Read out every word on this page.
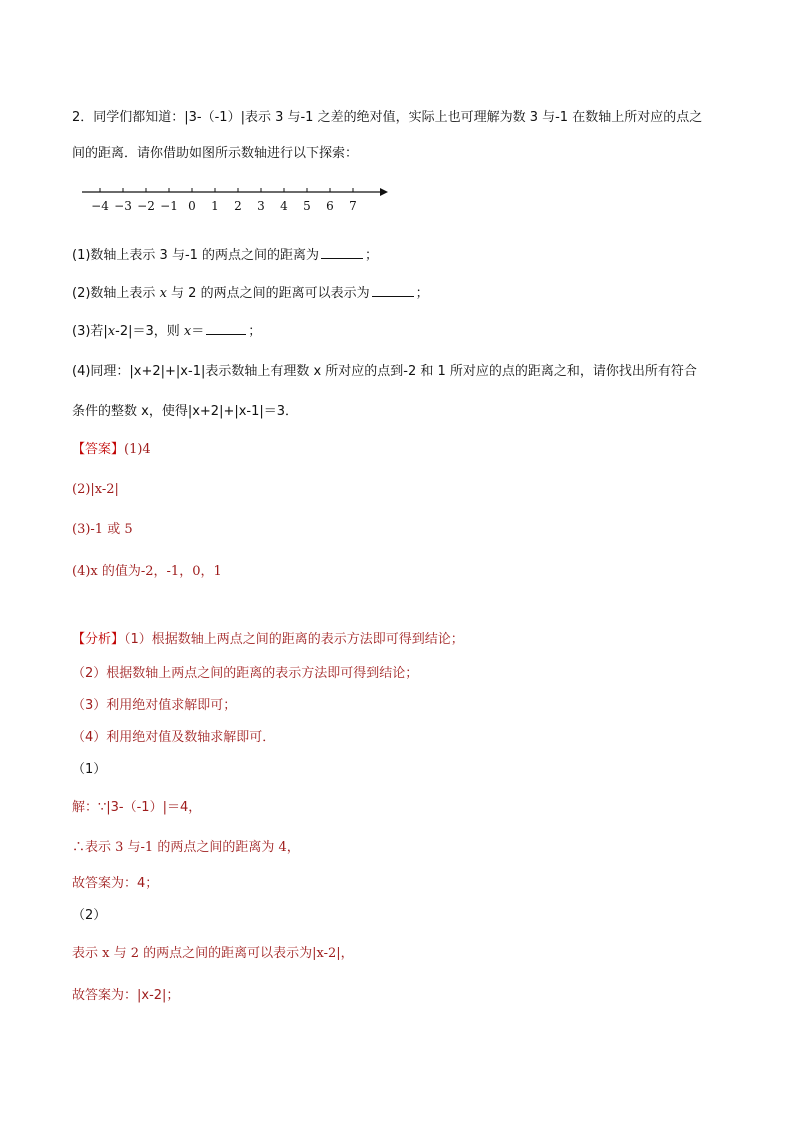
2．同学们都知道：|3-（-1）|表示 3 与-1 之差的绝对值，实际上也可理解为数 3 与-1 在数轴上所对应的点之
间的距离．请你借助如图所示数轴进行以下探索：
−4 −3 −2 −1 0 1 2 3 4 5 6 7
(1)数轴上表示 3 与-1 的两点之间的距离为	；
(2)数轴上表示 x 与 2 的两点之间的距离可以表示为	；
(3)若|x-2|＝3，则 x＝	；
(4)同理：|x+2|+|x-1|表示数轴上有理数 x 所对应的点到-2 和 1 所对应的点的距离之和，请你找出所有符合
条件的整数 x，使得|x+2|+|x-1|＝3．
【答案】(1)4
(2)|x-2|
(3)-1 或 5
(4)x 的值为-2，-1，0，1
【分析】（1）根据数轴上两点之间的距离的表示方法即可得到结论；
（2）根据数轴上两点之间的距离的表示方法即可得到结论；
（3）利用绝对值求解即可；
（4）利用绝对值及数轴求解即可．
（1）
解：∵|3-（-1）|＝4，
∴表示 3 与-1 的两点之间的距离为 4，
故答案为：4；
（2）
表示 x 与 2 的两点之间的距离可以表示为|x-2|，
故答案为：|x-2|；
